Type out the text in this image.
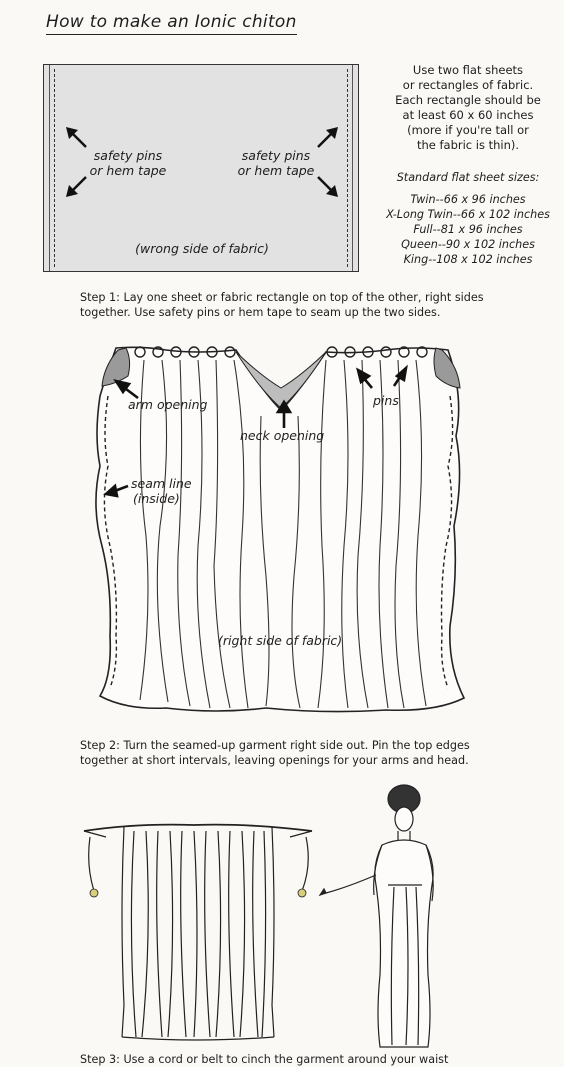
How to make an Ionic chiton
safety pins
or hem tape
safety pins
or hem tape
(wrong side of fabric)
Use two flat sheets
or rectangles of fabric.
Each rectangle should be
at least 60 x 60 inches
(more if you're tall or
the fabric is thin).
Standard flat sheet sizes:
Twin--66 x 96 inches
X-Long Twin--66 x 102 inches
Full--81 x 96 inches
Queen--90 x 102 inches
King--108 x 102 inches
Step 1: Lay one sheet or fabric rectangle on top of the other, right sides
together. Use safety pins or hem tape to seam up the two sides.
arm opening	pins
neck opening
seam line
(inside)
(right side of fabric)
Step 2: Turn the seamed-up garment right side out. Pin the top edges
together at short intervals, leaving openings for your arms and head.
Step 3: Use a cord or belt to cinch the garment around your waist
